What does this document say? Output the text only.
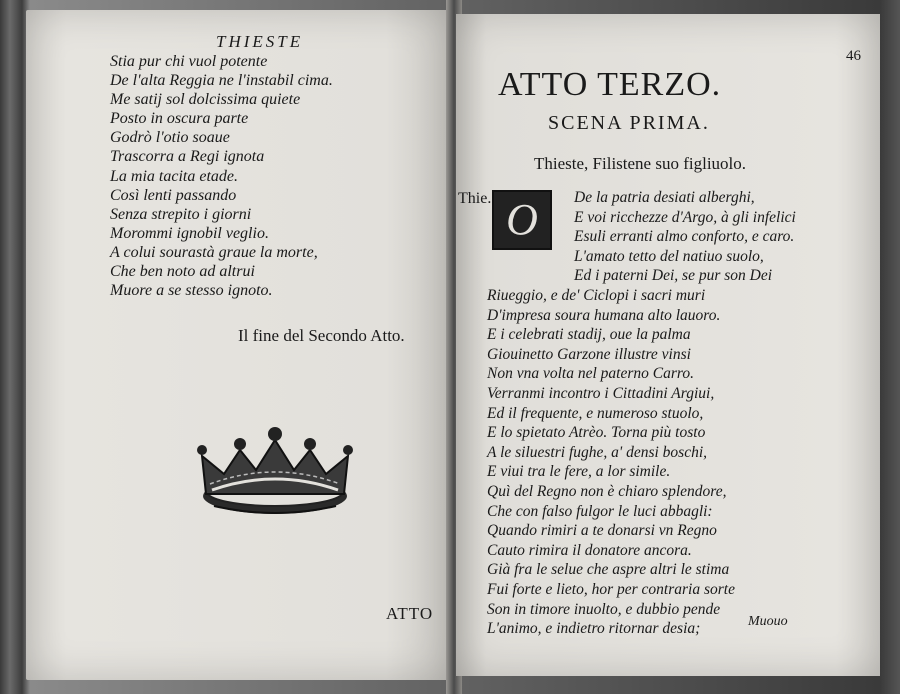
THIESTE
Stia pur chi vuol potente
De l'alta Reggia ne l'instabil cima.
Me satij sol dolcissima quiete
Posto in oscura parte
Godrò l'otio soaue
Trascorra a Regi ignota
La mia tacita etade.
Così lenti passando
Senza strepito i giorni
Morommi ignobil veglio.
A colui sourastà graue la morte,
Che ben noto ad altrui
Muore a se stesso ignoto.
Il fine del Secondo Atto.
ATTO
46
ATTO TERZO.
SCENA PRIMA.
Thieste, Filistene suo figliuolo.
Thie. O	De la patria desiati alberghi,
E voi ricchezze d'Argo, à gli infelici
Esuli erranti almo conforto, e caro.
L'amato tetto del natiuo suolo,
Ed i paterni Dei, se pur son Dei
Riueggio, e de' Ciclopi i sacri muri
D'impresa soura humana alto lauoro.
E i celebrati stadij, oue la palma
Giouinetto Garzone illustre vinsi
Non vna volta nel paterno Carro.
Verranmi incontro i Cittadini Argiui,
Ed il frequente, e numeroso stuolo,
E lo spietato Atrèo. Torna più tosto
A le siluestri fughe, a' densi boschi,
E viui tra le fere, a lor simile.
Quì del Regno non è chiaro splendore,
Che con falso fulgor le luci abbagli:
Quando rimiri a te donarsi vn Regno
Cauto rimira il donatore ancora.
Già fra le selue che aspre altri le stima
Fui forte e lieto, hor per contraria sorte
Son in timore inuolto, e dubbio pende
L'animo, e indietro ritornar desia;	Muouo
